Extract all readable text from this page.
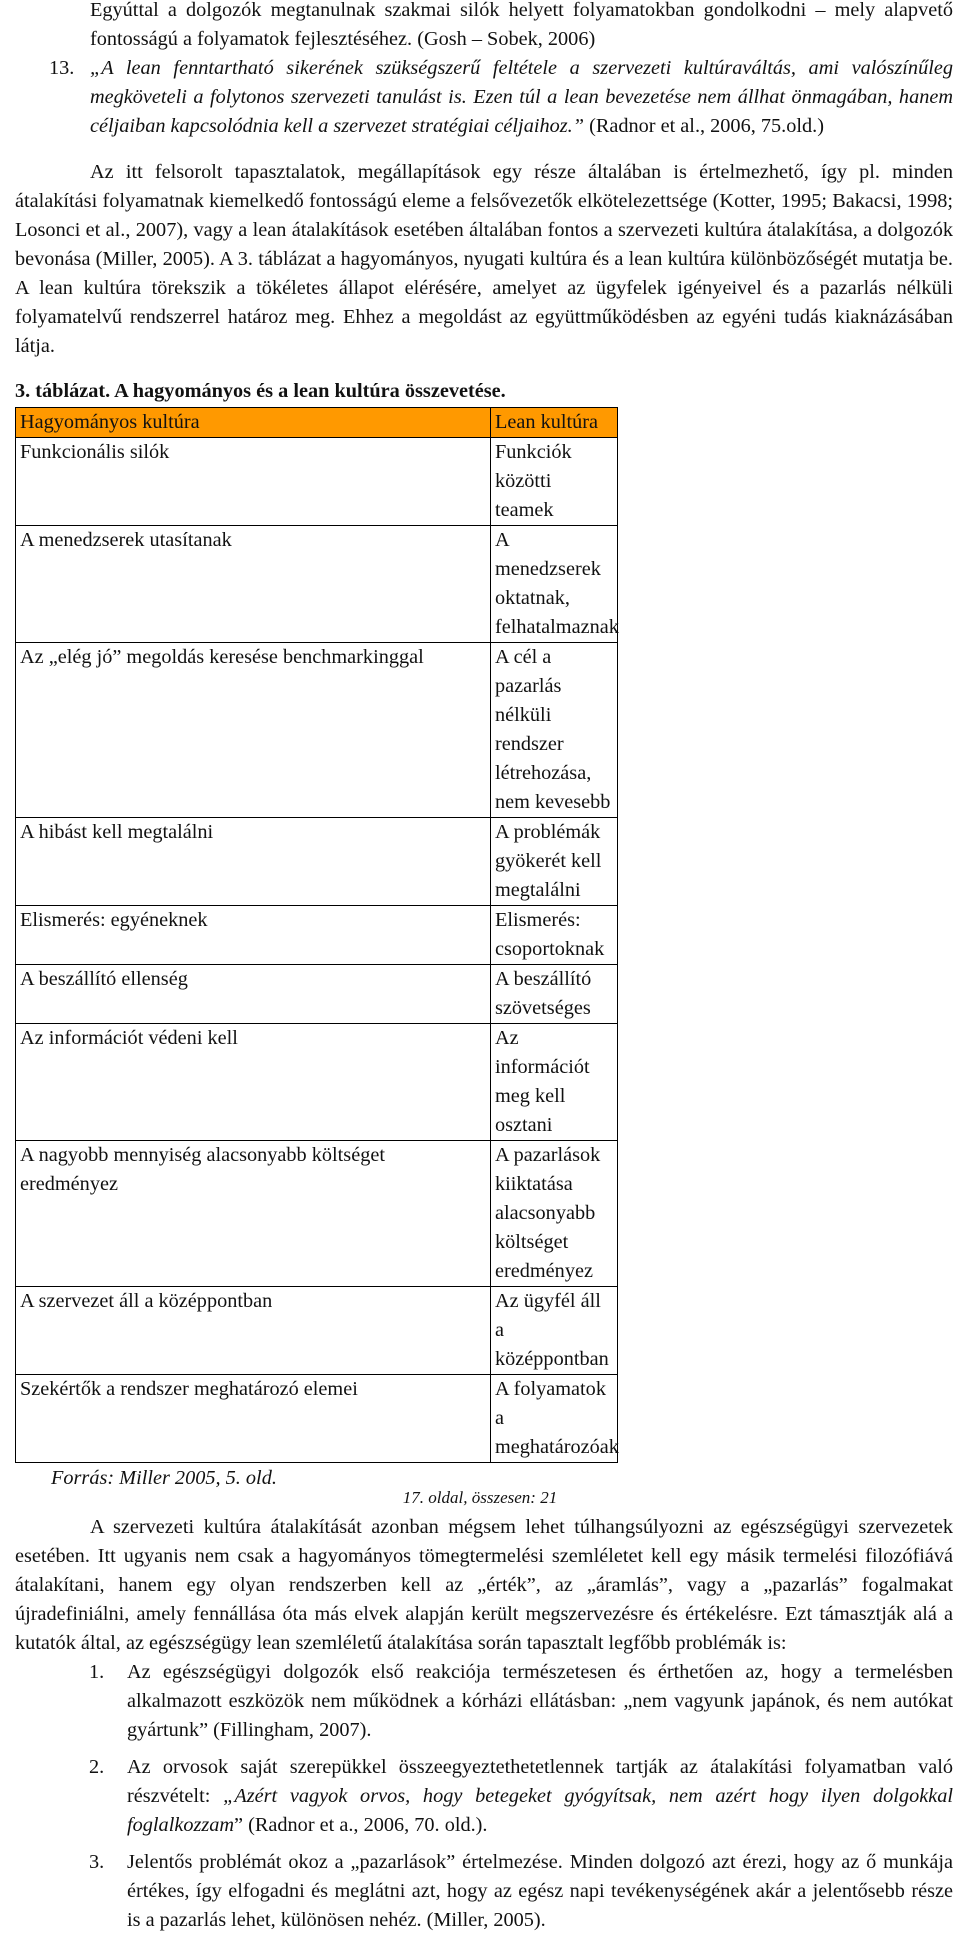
Egyúttal a dolgozók megtanulnak szakmai silók helyett folyamatokban gondolkodni – mely alapvető fontosságú a folyamatok fejlesztéséhez. (Gosh – Sobek, 2006)

13. „A lean fenntartható sikerének szükségszerű feltétele a szervezeti kultúraváltás, ami valószínűleg megköveteli a folytonos szervezeti tanulást is. Ezen túl a lean bevezetése nem állhat önmagában, hanem céljaiban kapcsolódnia kell a szervezet stratégiai céljaihoz.” (Radnor et al., 2006, 75.old.)

Az itt felsorolt tapasztalatok, megállapítások egy része általában is értelmezhető, így pl. minden átalakítási folyamatnak kiemelkedő fontosságú eleme a felsővezetők elkötelezettsége (Kotter, 1995; Bakacsi, 1998; Losonci et al., 2007), vagy a lean átalakítások esetében általában fontos a szervezeti kultúra átalakítása, a dolgozók bevonása (Miller, 2005). A 3. táblázat a hagyományos, nyugati kultúra és a lean kultúra különbözőségét mutatja be. A lean kultúra törekszik a tökéletes állapot elérésére, amelyet az ügyfelek igényeivel és a pazarlás nélküli folyamatelvű rendszerrel határoz meg. Ehhez a megoldást az együttműködésben az egyéni tudás kiaknázásában látja.

3. táblázat. A hagyományos és a lean kultúra összevetése.

Hagyományos kultúra	Lean kultúra
Funkcionális silók	Funkciók közötti teamek
A menedzserek utasítanak	A menedzserek oktatnak, felhatalmaznak
Az „elég jó” megoldás keresése benchmarkinggal	A cél a pazarlás nélküli rendszer létrehozása, nem kevesebb
A hibást kell megtalálni	A problémák gyökerét kell megtalálni
Elismerés: egyéneknek	Elismerés: csoportoknak
A beszállító ellenség	A beszállító szövetséges
Az információt védeni kell	Az információt meg kell osztani
A nagyobb mennyiség alacsonyabb költséget eredményez	A pazarlások kiiktatása alacsonyabb költséget eredményez
A szervezet áll a középpontban	Az ügyfél áll a középpontban
Szekértők a rendszer meghatározó elemei	A folyamatok a meghatározóak

Forrás: Miller 2005, 5. old.

A szervezeti kultúra átalakítását azonban mégsem lehet túlhangsúlyozni az egészségügyi szervezetek esetében. Itt ugyanis nem csak a hagyományos tömegtermelési szemléletet kell egy másik termelési filozófiává átalakítani, hanem egy olyan rendszerben kell az „érték”, az „áramlás”, vagy a „pazarlás” fogalmakat újradefiniálni, amely fennállása óta más elvek alapján került megszervezésre és értékelésre. Ezt támasztják alá a kutatók által, az egészségügy lean szemléletű átalakítása során tapasztalt legfőbb problémák is:

1. Az egészségügyi dolgozók első reakciója természetesen és érthetően az, hogy a termelésben alkalmazott eszközök nem működnek a kórházi ellátásban: „nem vagyunk japánok, és nem autókat gyártunk” (Fillingham, 2007).
2. Az orvosok saját szerepükkel összeegyeztethetetlennek tartják az átalakítási folyamatban való részvételt: „Azért vagyok orvos, hogy betegeket gyógyítsak, nem azért hogy ilyen dolgokkal foglalkozzam” (Radnor et a., 2006, 70. old.).
3. Jelentős problémát okoz a „pazarlások” értelmezése. Minden dolgozó azt érezi, hogy az ő munkája értékes, így elfogadni és meglátni azt, hogy az egész napi tevékenységének akár a jelentősebb része is a pazarlás lehet, különösen nehéz. (Miller, 2005).
17. oldal, összesen: 21
